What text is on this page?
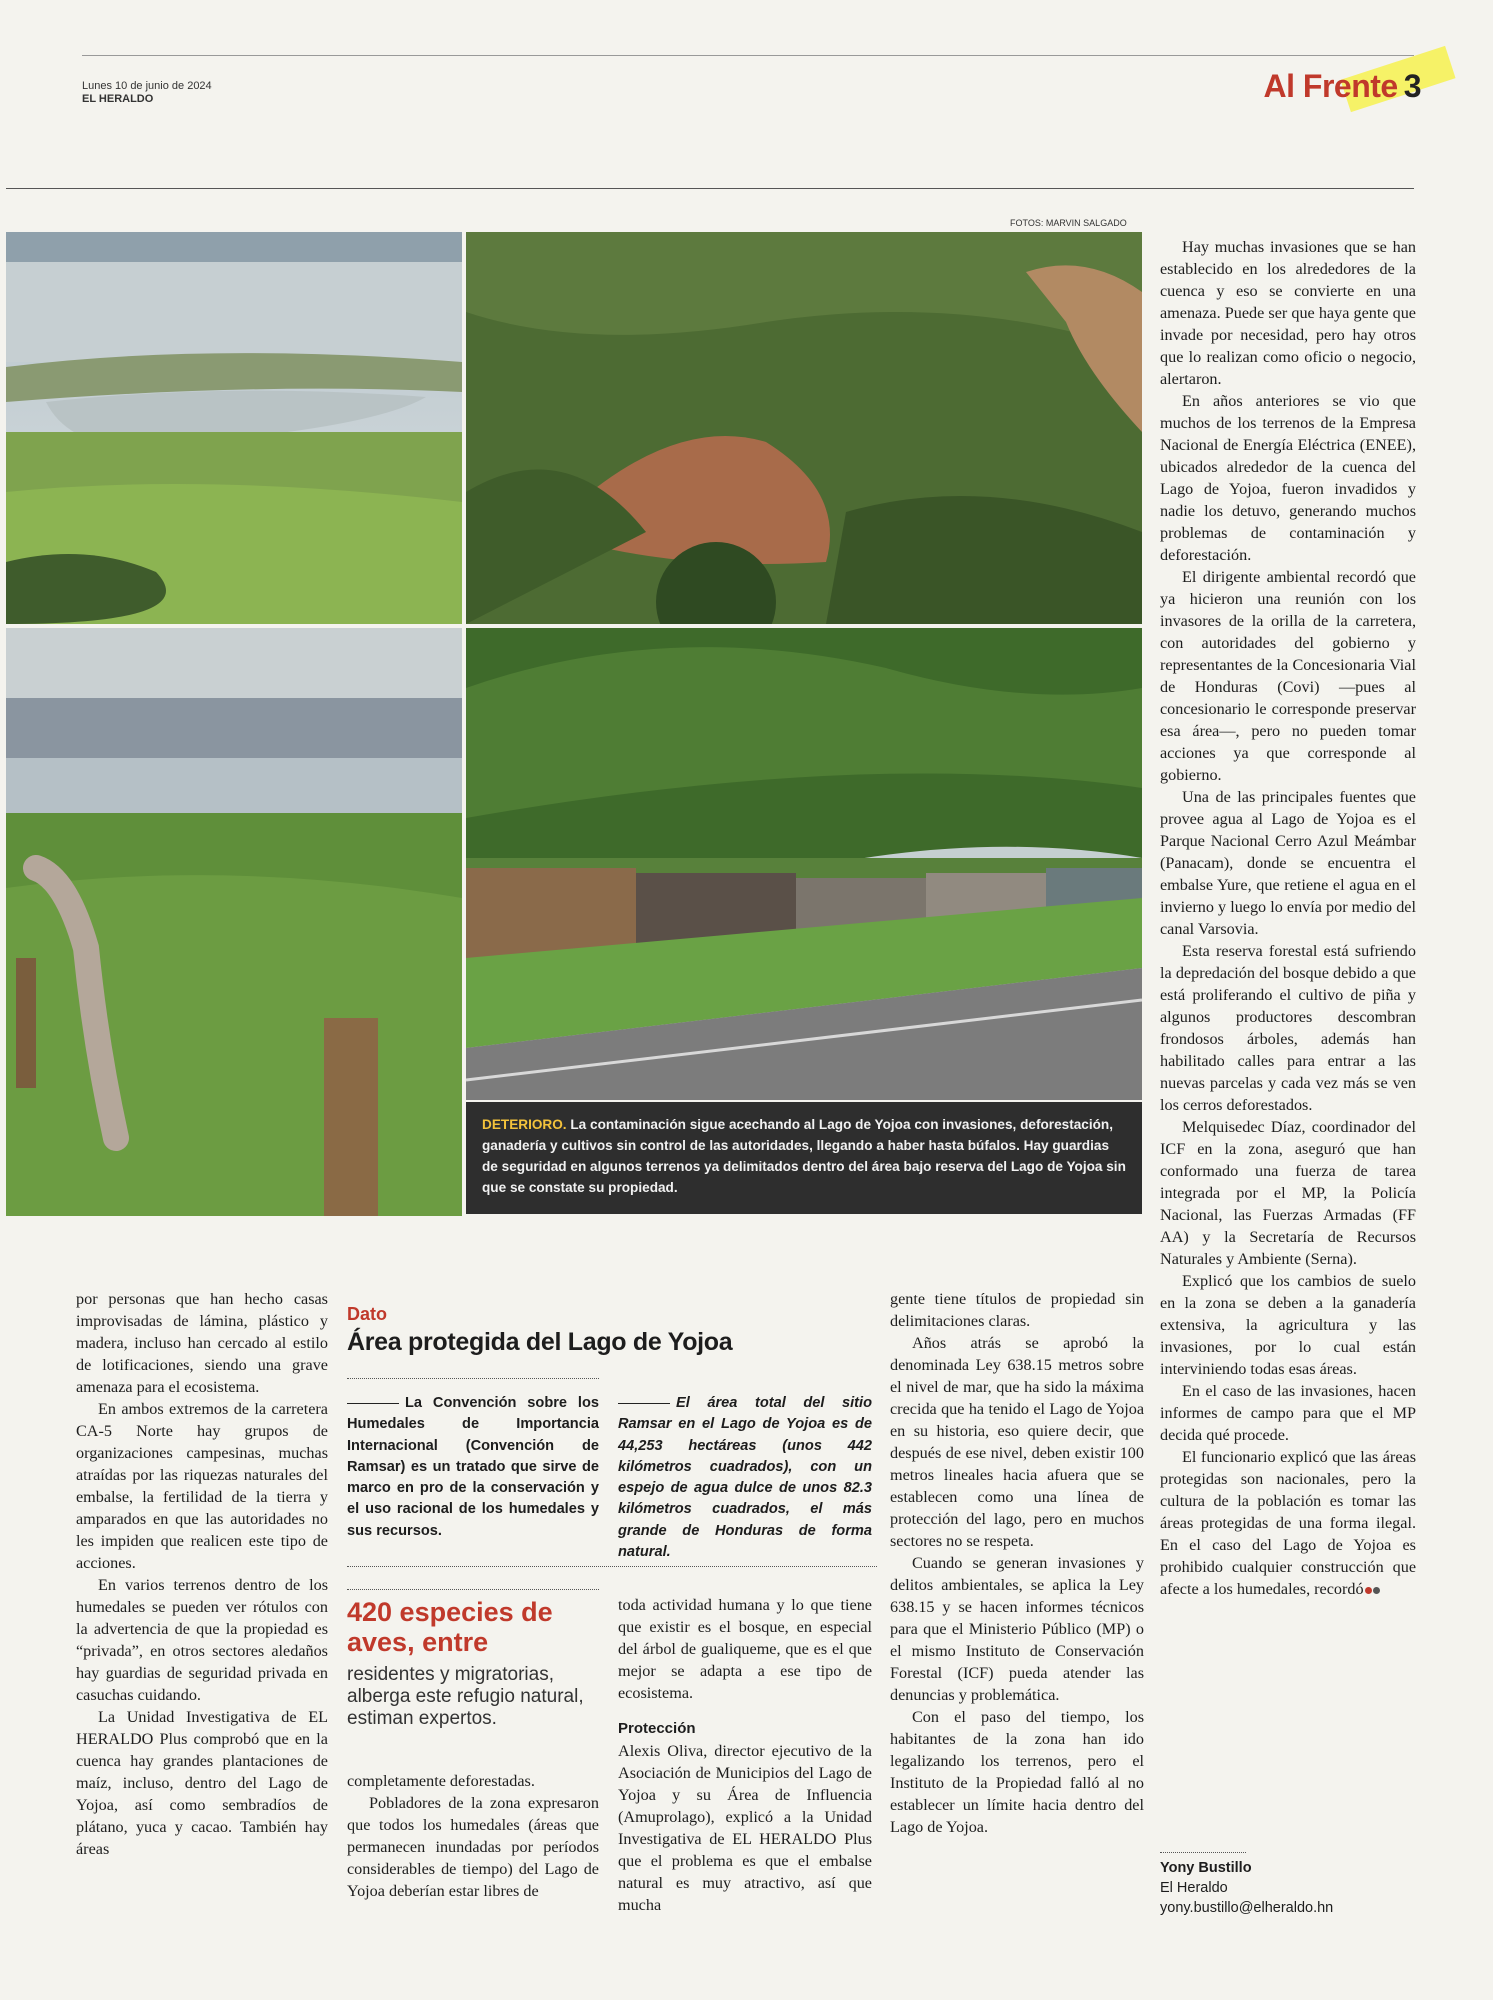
Lunes 10 de junio de 2024
EL HERALDO	Al Frente 3
FOTOS: MARVIN SALGADO
DETERIORO. La contaminación sigue acechando al Lago de Yojoa con invasiones, deforestación, ganadería y cultivos sin control de las autoridades, llegando a haber hasta búfalos. Hay guardias de seguridad en algunos terrenos ya delimitados dentro del área bajo reserva del Lago de Yojoa sin que se constate su propiedad.

por personas que han hecho casas improvisadas de lámina, plástico y madera, incluso han cercado al estilo de lotificaciones, siendo una grave amenaza para el ecosistema.

En ambos extremos de la carretera CA-5 Norte hay grupos de organizaciones campesinas, muchas atraídas por las riquezas naturales del embalse, la fertilidad de la tierra y amparados en que las autoridades no les impiden que realicen este tipo de acciones.

En varios terrenos dentro de los humedales se pueden ver rótulos con la advertencia de que la propiedad es “privada”, en otros sectores aledaños hay guardias de seguridad privada en casuchas cuidando.

La Unidad Investigativa de EL HERALDO Plus comprobó que en la cuenca hay grandes plantaciones de maíz, incluso, dentro del Lago de Yojoa, así como sembradíos de plátano, yuca y cacao. También hay áreas

Dato
Área protegida del Lago de Yojoa
La Convención sobre los Humedales de Importancia Internacional (Convención de Ramsar) es un tratado que sirve de marco en pro de la conservación y el uso racional de los humedales y sus recursos.
El área total del sitio Ramsar en el Lago de Yojoa es de 44,253 hectáreas (unos 442 kilómetros cuadrados), con un espejo de agua dulce de unos 82.3 kilómetros cuadrados, el más grande de Honduras de forma natural.
420 especies de aves, entre
residentes y migratorias, alberga este refugio natural, estiman expertos.

completamente deforestadas.

Pobladores de la zona expresaron que todos los humedales (áreas que permanecen inundadas por períodos considerables de tiempo) del Lago de Yojoa deberían estar libres de

toda actividad humana y lo que tiene que existir es el bosque, en especial del árbol de gualiqueme, que es el que mejor se adapta a ese tipo de ecosistema.

Protección

Alexis Oliva, director ejecutivo de la Asociación de Municipios del Lago de Yojoa y su Área de Influencia (Amuprolago), explicó a la Unidad Investigativa de EL HERALDO Plus que el problema es que el embalse natural es muy atractivo, así que mucha

gente tiene títulos de propiedad sin delimitaciones claras.

Años atrás se aprobó la denominada Ley 638.15 metros sobre el nivel de mar, que ha sido la máxima crecida que ha tenido el Lago de Yojoa en su historia, eso quiere decir, que después de ese nivel, deben existir 100 metros lineales hacia afuera que se establecen como una línea de protección del lago, pero en muchos sectores no se respeta.

Cuando se generan invasiones y delitos ambientales, se aplica la Ley 638.15 y se hacen informes técnicos para que el Ministerio Público (MP) o el mismo Instituto de Conservación Forestal (ICF) pueda atender las denuncias y problemática.

Con el paso del tiempo, los habitantes de la zona han ido legalizando los terrenos, pero el Instituto de la Propiedad falló al no establecer un límite hacia dentro del Lago de Yojoa.

Hay muchas invasiones que se han establecido en los alrededores de la cuenca y eso se convierte en una amenaza. Puede ser que haya gente que invade por necesidad, pero hay otros que lo realizan como oficio o negocio, alertaron.

En años anteriores se vio que muchos de los terrenos de la Empresa Nacional de Energía Eléctrica (ENEE), ubicados alrededor de la cuenca del Lago de Yojoa, fueron invadidos y nadie los detuvo, generando muchos problemas de contaminación y deforestación.

El dirigente ambiental recordó que ya hicieron una reunión con los invasores de la orilla de la carretera, con autoridades del gobierno y representantes de la Concesionaria Vial de Honduras (Covi) —pues al concesionario le corresponde preservar esa área—, pero no pueden tomar acciones ya que corresponde al gobierno.

Una de las principales fuentes que provee agua al Lago de Yojoa es el Parque Nacional Cerro Azul Meámbar (Panacam), donde se encuentra el embalse Yure, que retiene el agua en el invierno y luego lo envía por medio del canal Varsovia.

Esta reserva forestal está sufriendo la depredación del bosque debido a que está proliferando el cultivo de piña y algunos productores descombran frondosos árboles, además han habilitado calles para entrar a las nuevas parcelas y cada vez más se ven los cerros deforestados.

Melquisedec Díaz, coordinador del ICF en la zona, aseguró que han conformado una fuerza de tarea integrada por el MP, la Policía Nacional, las Fuerzas Armadas (FF AA) y la Secretaría de Recursos Naturales y Ambiente (Serna).

Explicó que los cambios de suelo en la zona se deben a la ganadería extensiva, la agricultura y las invasiones, por lo cual están interviniendo todas esas áreas.

En el caso de las invasiones, hacen informes de campo para que el MP decida qué procede.

El funcionario explicó que las áreas protegidas son nacionales, pero la cultura de la población es tomar las áreas protegidas de una forma ilegal. En el caso del Lago de Yojoa es prohibido cualquier construcción que afecte a los humedales, recordó

Yony Bustillo
El Heraldo
yony.bustillo@elheraldo.hn
